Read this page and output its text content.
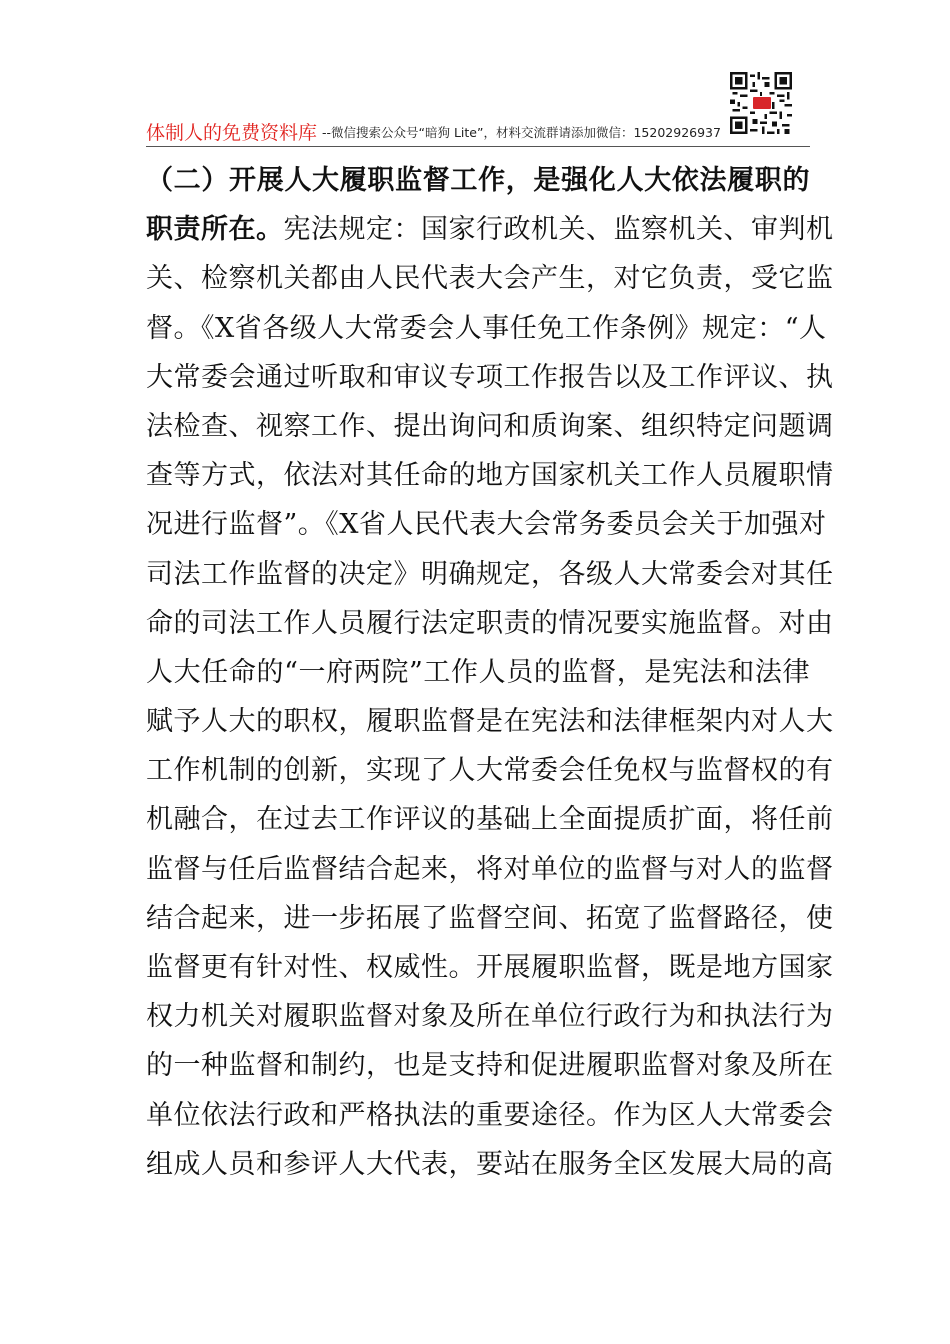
体制人的免费资料库 --微信搜索公众号“暗狗 Lite”，材料交流群请添加微信：15202926937
（二）开展人大履职监督工作，是强化人大依法履职的
职责所在。宪法规定：国家行政机关、监察机关、审判机
关、检察机关都由人民代表大会产生，对它负责，受它监
督。《X省各级人大常委会人事任免工作条例》规定：“人
大常委会通过听取和审议专项工作报告以及工作评议、执
法检查、视察工作、提出询问和质询案、组织特定问题调
查等方式，依法对其任命的地方国家机关工作人员履职情
况进行监督”。《X省人民代表大会常务委员会关于加强对
司法工作监督的决定》明确规定，各级人大常委会对其任
命的司法工作人员履行法定职责的情况要实施监督。对由
人大任命的“一府两院”工作人员的监督，是宪法和法律
赋予人大的职权，履职监督是在宪法和法律框架内对人大
工作机制的创新，实现了人大常委会任免权与监督权的有
机融合，在过去工作评议的基础上全面提质扩面，将任前
监督与任后监督结合起来，将对单位的监督与对人的监督
结合起来，进一步拓展了监督空间、拓宽了监督路径，使
监督更有针对性、权威性。开展履职监督，既是地方国家
权力机关对履职监督对象及所在单位行政行为和执法行为
的一种监督和制约，也是支持和促进履职监督对象及所在
单位依法行政和严格执法的重要途径。作为区人大常委会
组成人员和参评人大代表，要站在服务全区发展大局的高
